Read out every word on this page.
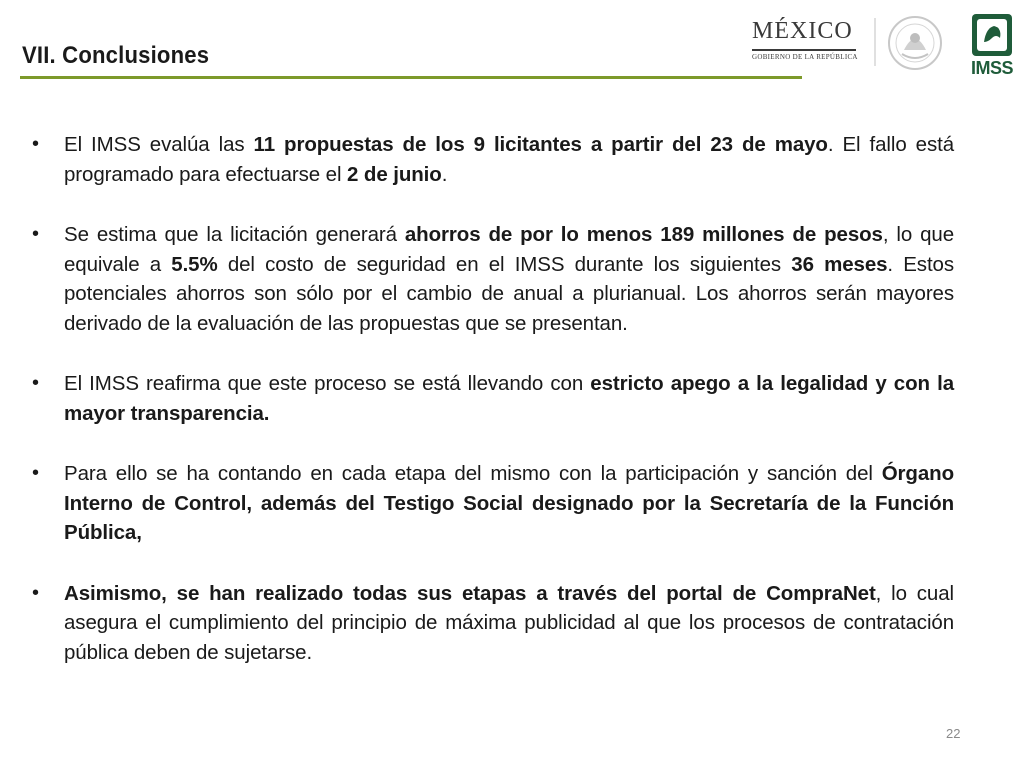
VII. Conclusiones
MÉXICO
GOBIERNO DE LA REPÚBLICA
IMSS
• El IMSS evalúa las 11 propuestas de los 9 licitantes a partir del 23 de mayo. El fallo está programado para efectuarse el 2 de junio.
• Se estima que la licitación generará ahorros de por lo menos 189 millones de pesos, lo que equivale a 5.5% del costo de seguridad en el IMSS durante los siguientes 36 meses. Estos potenciales ahorros son sólo por el cambio de anual a plurianual. Los ahorros serán mayores derivado de la evaluación de las propuestas que se presentan.
• El IMSS reafirma que este proceso se está llevando con estricto apego a la legalidad y con la mayor transparencia.
• Para ello se ha contando en cada etapa del mismo con la participación y sanción del Órgano Interno de Control, además del Testigo Social designado por la Secretaría de la Función Pública,
• Asimismo, se han realizado todas sus etapas a través del portal de CompraNet, lo cual asegura el cumplimiento del principio de máxima publicidad al que los procesos de contratación pública deben de sujetarse.
22
